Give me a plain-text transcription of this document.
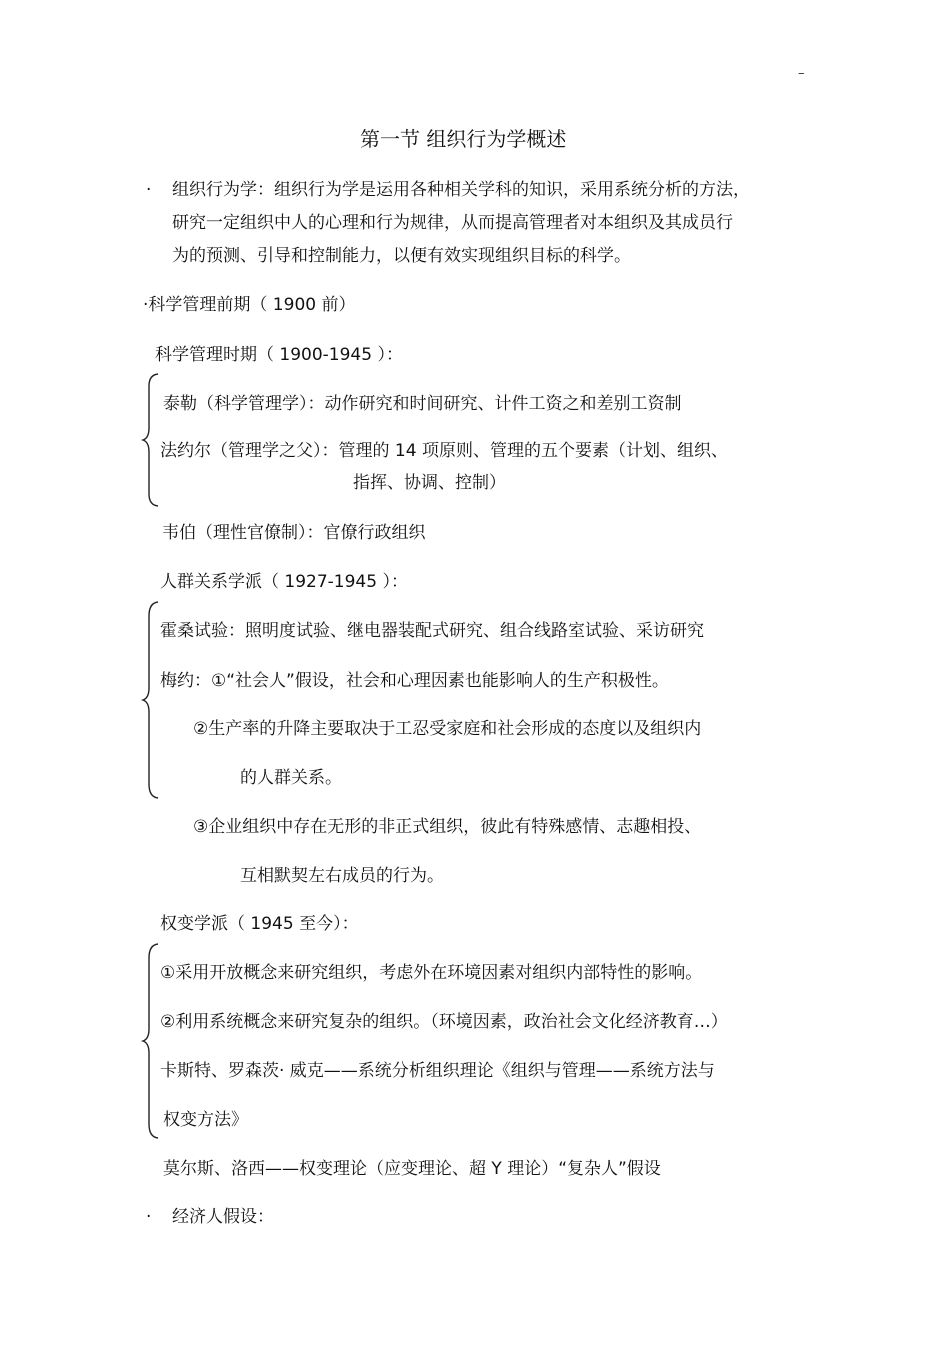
–
第一节 组织行为学概述
· 组织行为学：组织行为学是运用各种相关学科的知识，采用系统分析的方法，
研究一定组织中人的心理和行为规律，从而提高管理者对本组织及其成员行
为的预测、引导和控制能力，以便有效实现组织目标的科学。
·科学管理前期（ 1900 前）
科学管理时期（ 1900-1945 ）：
泰勒（科学管理学）：动作研究和时间研究、计件工资之和差别工资制
法约尔（管理学之父）：管理的 14 项原则、管理的五个要素（计划、组织、
指挥、协调、控制）
韦伯（理性官僚制）：官僚行政组织
人群关系学派（ 1927-1945 ）：
霍桑试验：照明度试验、继电器装配式研究、组合线路室试验、采访研究
梅约：①“社会人”假设，社会和心理因素也能影响人的生产积极性。
②生产率的升降主要取决于工忍受家庭和社会形成的态度以及组织内
的人群关系。
③企业组织中存在无形的非正式组织，彼此有特殊感情、志趣相投、
互相默契左右成员的行为。
权变学派（ 1945 至今）：
①采用开放概念来研究组织，考虑外在环境因素对组织内部特性的影响。
②利用系统概念来研究复杂的组织。（环境因素，政治社会文化经济教育…）
卡斯特、罗森茨· 威克——系统分析组织理论《组织与管理——系统方法与
权变方法》
莫尔斯、洛西——权变理论（应变理论、超 Y 理论）“复杂人”假设
· 经济人假设：
